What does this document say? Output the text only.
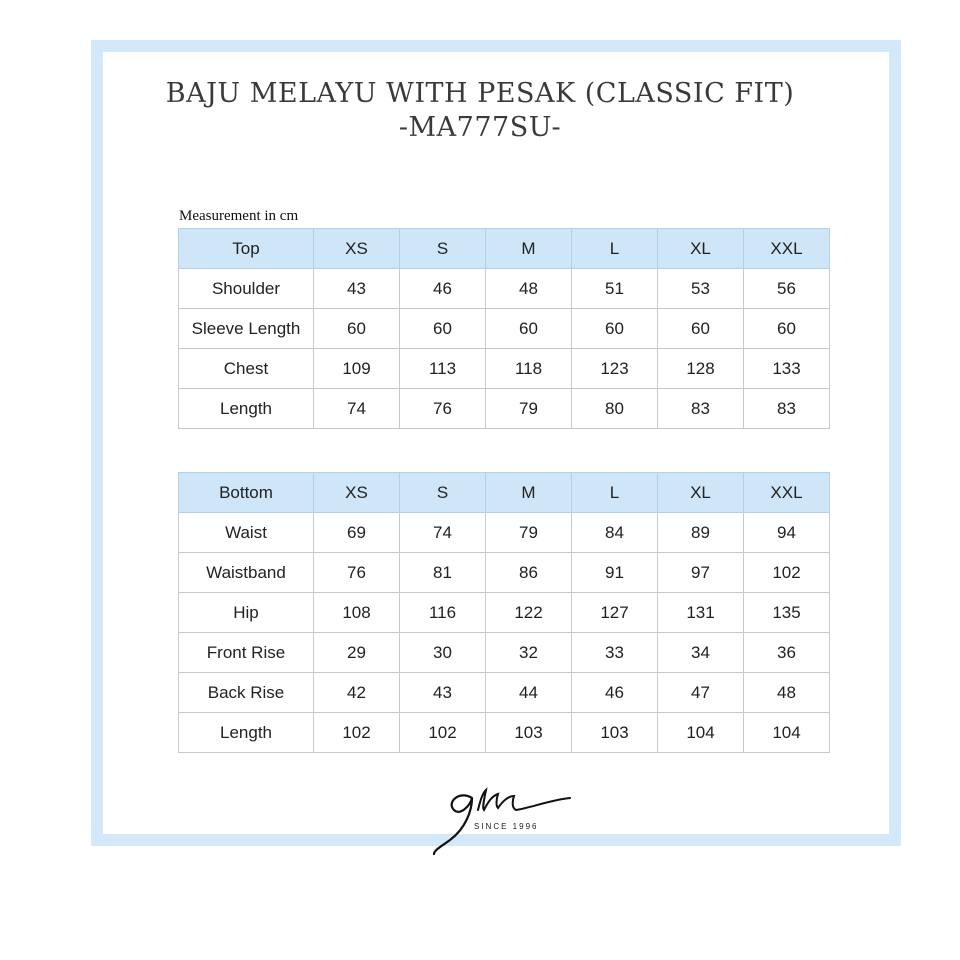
BAJU MELAYU WITH PESAK (CLASSIC FIT)
-MA777SU-
Measurement in cm
Top	XS	S	M	L	XL	XXL
Shoulder	43	46	48	51	53	56
Sleeve Length	60	60	60	60	60	60
Chest	109	113	118	123	128	133
Length	74	76	79	80	83	83
Bottom	XS	S	M	L	XL	XXL
Waist	69	74	79	84	89	94
Waistband	76	81	86	91	97	102
Hip	108	116	122	127	131	135
Front Rise	29	30	32	33	34	36
Back Rise	42	43	44	46	47	48
Length	102	102	103	103	104	104
SINCE 1996
